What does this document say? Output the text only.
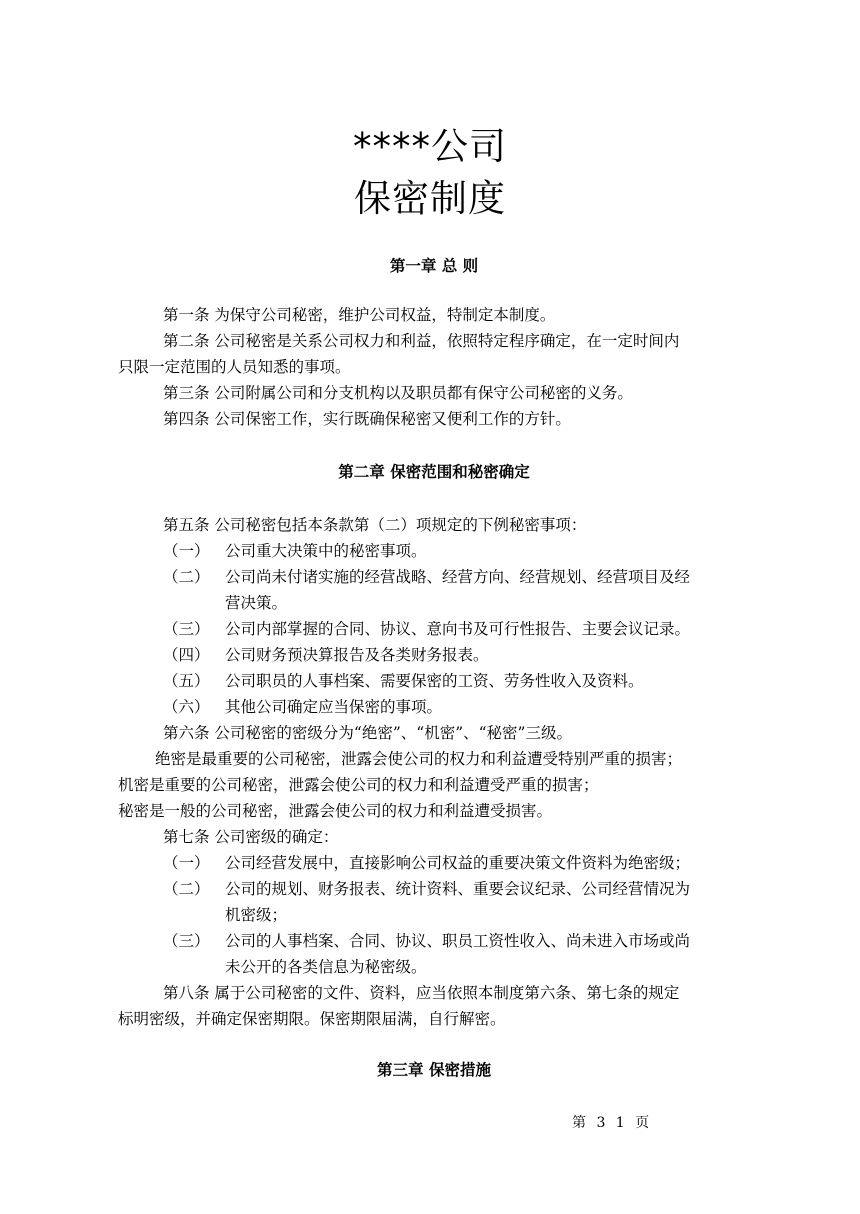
****公司
保密制度
第一章 总 则
第一条 为保守公司秘密，维护公司权益，特制定本制度。
第二条 公司秘密是关系公司权力和利益，依照特定程序确定，在一定时间内
只限一定范围的人员知悉的事项。
第三条 公司附属公司和分支机构以及职员都有保守公司秘密的义务。
第四条 公司保密工作，实行既确保秘密又便利工作的方针。
第二章 保密范围和秘密确定
第五条 公司秘密包括本条款第（二）项规定的下例秘密事项：
（一） 公司重大决策中的秘密事项。
（二） 公司尚未付诸实施的经营战略、经营方向、经营规划、经营项目及经
营决策。
（三） 公司内部掌握的合同、协议、意向书及可行性报告、主要会议记录。
（四） 公司财务预决算报告及各类财务报表。
（五） 公司职员的人事档案、需要保密的工资、劳务性收入及资料。
（六） 其他公司确定应当保密的事项。
第六条 公司秘密的密级分为“绝密”、“机密”、“秘密”三级。
绝密是最重要的公司秘密，泄露会使公司的权力和利益遭受特别严重的损害；
机密是重要的公司秘密，泄露会使公司的权力和利益遭受严重的损害；
秘密是一般的公司秘密，泄露会使公司的权力和利益遭受损害。
第七条 公司密级的确定：
（一） 公司经营发展中，直接影响公司权益的重要决策文件资料为绝密级；
（二） 公司的规划、财务报表、统计资料、重要会议纪录、公司经营情况为
机密级；
（三） 公司的人事档案、合同、协议、职员工资性收入、尚未进入市场或尚
未公开的各类信息为秘密级。
第八条 属于公司秘密的文件、资料，应当依照本制度第六条、第七条的规定
标明密级，并确定保密期限。保密期限届满，自行解密。
第三章 保密措施
第 3 1 页
